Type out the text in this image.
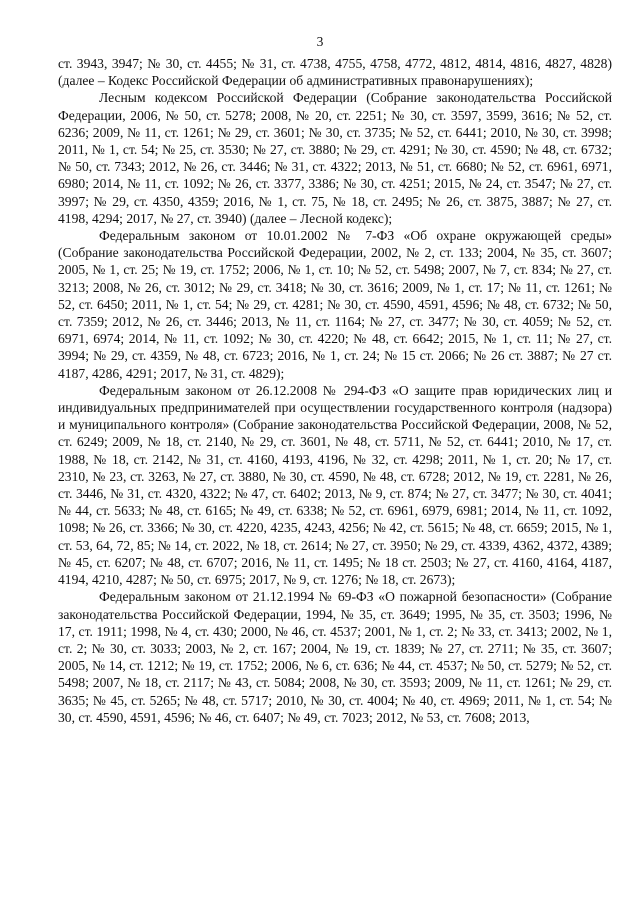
3

ст. 3943, 3947; № 30, ст. 4455; № 31, ст. 4738, 4755, 4758, 4772, 4812, 4814, 4816, 4827, 4828) (далее – Кодекс Российской Федерации об административных правонарушениях);

Лесным кодексом Российской Федерации (Собрание законодательства Российской Федерации, 2006, № 50, ст. 5278; 2008, № 20, ст. 2251; № 30, ст. 3597, 3599, 3616; № 52, ст. 6236; 2009, № 11, ст. 1261; № 29, ст. 3601; № 30, ст. 3735; № 52, ст. 6441; 2010, № 30, ст. 3998; 2011, № 1, ст. 54; № 25, ст. 3530; № 27, ст. 3880; № 29, ст. 4291; № 30, ст. 4590; № 48, ст. 6732; № 50, ст. 7343; 2012, № 26, ст. 3446; № 31, ст. 4322; 2013, № 51, ст. 6680; № 52, ст. 6961, 6971, 6980; 2014, № 11, ст. 1092; № 26, ст. 3377, 3386; № 30, ст. 4251; 2015, № 24, ст. 3547; № 27, ст. 3997; № 29, ст. 4350, 4359; 2016, № 1, ст. 75, № 18, ст. 2495; № 26, ст. 3875, 3887; № 27, ст. 4198, 4294; 2017, № 27, ст. 3940) (далее – Лесной кодекс);

Федеральным законом от 10.01.2002 № 7-ФЗ «Об охране окружающей среды» (Собрание законодательства Российской Федерации, 2002, № 2, ст. 133; 2004, № 35, ст. 3607; 2005, № 1, ст. 25; № 19, ст. 1752; 2006, № 1, ст. 10; № 52, ст. 5498; 2007, № 7, ст. 834; № 27, ст. 3213; 2008, № 26, ст. 3012; № 29, ст. 3418; № 30, ст. 3616; 2009, № 1, ст. 17; № 11, ст. 1261; № 52, ст. 6450; 2011, № 1, ст. 54; № 29, ст. 4281; № 30, ст. 4590, 4591, 4596; № 48, ст. 6732; № 50, ст. 7359; 2012, № 26, ст. 3446; 2013, № 11, ст. 1164; № 27, ст. 3477; № 30, ст. 4059; № 52, ст. 6971, 6974; 2014, № 11, ст. 1092; № 30, ст. 4220; № 48, ст. 6642; 2015, № 1, ст. 11; № 27, ст. 3994; № 29, ст. 4359, № 48, ст. 6723; 2016, № 1, ст. 24; № 15 ст. 2066; № 26 ст. 3887; № 27 ст. 4187, 4286, 4291; 2017, № 31, ст. 4829);

Федеральным законом от 26.12.2008 № 294-ФЗ «О защите прав юридических лиц и индивидуальных предпринимателей при осуществлении государственного контроля (надзора) и муниципального контроля» (Собрание законодательства Российской Федерации, 2008, № 52, ст. 6249; 2009, № 18, ст. 2140, № 29, ст. 3601, № 48, ст. 5711, № 52, ст. 6441; 2010, № 17, ст. 1988, № 18, ст. 2142, № 31, ст. 4160, 4193, 4196, № 32, ст. 4298; 2011, № 1, ст. 20; № 17, ст. 2310, № 23, ст. 3263, № 27, ст. 3880, № 30, ст. 4590, № 48, ст. 6728; 2012, № 19, ст. 2281, № 26, ст. 3446, № 31, ст. 4320, 4322; № 47, ст. 6402; 2013, № 9, ст. 874; № 27, ст. 3477; № 30, ст. 4041; № 44, ст. 5633; № 48, ст. 6165; № 49, ст. 6338; № 52, ст. 6961, 6979, 6981; 2014, № 11, ст. 1092, 1098; № 26, ст. 3366; № 30, ст. 4220, 4235, 4243, 4256; № 42, ст. 5615; № 48, ст. 6659; 2015, № 1, ст. 53, 64, 72, 85; № 14, ст. 2022, № 18, ст. 2614; № 27, ст. 3950; № 29, ст. 4339, 4362, 4372, 4389; № 45, ст. 6207; № 48, ст. 6707; 2016, № 11, ст. 1495; № 18 ст. 2503; № 27, ст. 4160, 4164, 4187, 4194, 4210, 4287; № 50, ст. 6975; 2017, № 9, ст. 1276; № 18, ст. 2673);

Федеральным законом от 21.12.1994 № 69-ФЗ «О пожарной безопасности» (Собрание законодательства Российской Федерации, 1994, № 35, ст. 3649; 1995, № 35, ст. 3503; 1996, № 17, ст. 1911; 1998, № 4, ст. 430; 2000, № 46, ст. 4537; 2001, № 1, ст. 2; № 33, ст. 3413; 2002, № 1, ст. 2; № 30, ст. 3033; 2003, № 2, ст. 167; 2004, № 19, ст. 1839; № 27, ст. 2711; № 35, ст. 3607; 2005, № 14, ст. 1212; № 19, ст. 1752; 2006, № 6, ст. 636; № 44, ст. 4537; № 50, ст. 5279; № 52, ст. 5498; 2007, № 18, ст. 2117; № 43, ст. 5084; 2008, № 30, ст. 3593; 2009, № 11, ст. 1261; № 29, ст. 3635; № 45, ст. 5265; № 48, ст. 5717; 2010, № 30, ст. 4004; № 40, ст. 4969; 2011, № 1, ст. 54; № 30, ст. 4590, 4591, 4596; № 46, ст. 6407; № 49, ст. 7023; 2012, № 53, ст. 7608; 2013,
